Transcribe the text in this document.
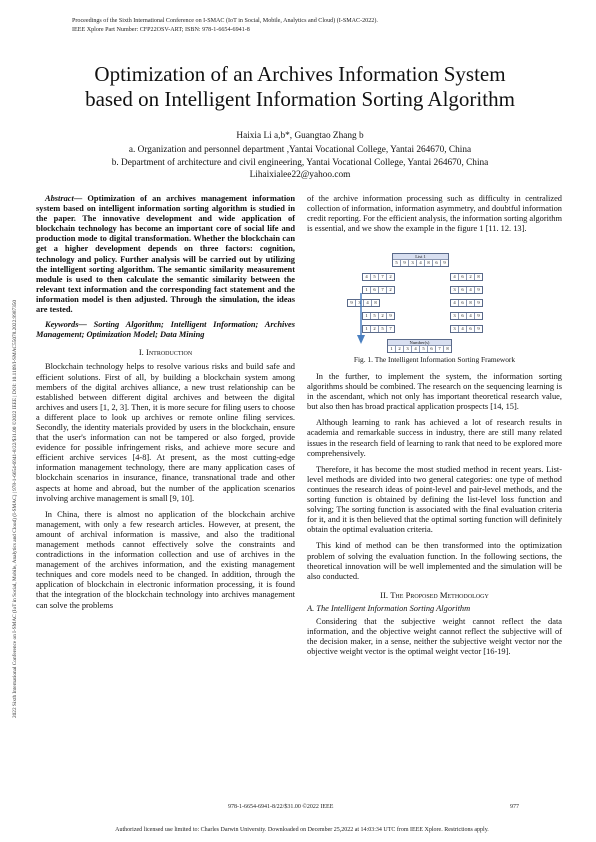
Proceedings of the Sixth International Conference on I-SMAC (IoT in Social, Mobile, Analytics and Cloud) (I-SMAC-2022).
IEEE Xplore Part Number: CFP22OSV-ART; ISBN: 978-1-6654-6941-8
2022 Sixth International Conference on I-SMAC (IoT in Social, Mobile, Analytics and Cloud) (I-SMAC) | 978-1-6654-6941-8/22/$31.00 ©2022 IEEE | DOI: 10.1109/I-SMAC55078.2022.9987350
Optimization of an Archives Information System
based on Intelligent Information Sorting Algorithm
Haixia Li a,b*, Guangtao Zhang b
a. Organization and personnel department ,Yantai Vocational College, Yantai 264670, China
b. Department of architecture and civil engineering, Yantai Vocational College, Yantai 264670, China
Lihaixialee22@yahoo.com

Abstract— Optimization of an archives management information system based on intelligent information sorting algorithm is studied in the paper. The innovative development and wide application of blockchain technology has become an important core of social life and production mode to digital transformation. Whether the blockchain can get a higher development depends on three factors: cognition, technology and policy. Further analysis will be carried out by utilizing the intelligent sorting algorithm. The semantic similarity measurement module is used to then calculate the semantic similarity between the relevant text information and the corresponding fact statement and the information model is then adjusted. Through the simulation, the ideas are tested.

Keywords— Sorting Algorithm; Intelligent Information; Archives Management; Optimization Model; Data Mining

I. Introduction

Blockchain technology helps to resolve various risks and build safe and efficient solutions. First of all, by building a blockchain system among members of the digital archives alliance, a new trust relationship can be established between different digital archives and between the digital archives and users [1, 2, 3]. Then, it is more secure for filing users to choose a different place to look up archives or remote online filing services. Secondly, the identity materials provided by users in the blockchain, ensure that the user's information can not be tampered or also forged, provide evidence for possible infringement risks, and achieve more secure and efficient archive services [4-8]. At present, as the most cutting-edge information management technology, there are many application cases of blockchain scenarios in insurance, finance, transnational trade and other aspects at home and abroad, but the number of the application scenarios involving archive management is small [9, 10].

In China, there is almost no application of the blockchain archive management, with only a few research articles. However, at present, the amount of archival information is massive, and also the traditional management methods cannot effectively solve the constraints and contradictions in the information collection and use of archives in the management of the archives information, and the existing management techniques and core models need to be changed. In addition, through the application of blockchain in electronic information processing, it is found that the integration of the blockchain technology into archives management can solve the problems

of the archive information processing such as difficulty in centralized collection of information, information asymmetry, and doubtful information credit reporting. For the efficient analysis, the information sorting algorithm is essential, and we show the example in the figure 1 [11. 12. 13].

List 1
5 9 3 4 8 6 9
4 5 7 2	4 6 2 8
1 6 7 2	3 6 4 9
9 3 4 8	4 6 8 9
1 5 2 9	3 6 4 9
1 2 5 7	3 4 6 9
Number(s)
1 2 3 4 5 6 7 8
Fig. 1. The Intelligent Information Sorting Framework

In the further, to implement the system, the information sorting algorithms should be combined. The research on the sequencing learning is in the ascendant, which not only has important theoretical research value, but also then has broad practical application prospects [14, 15].

Although learning to rank has achieved a lot of research results in academia and remarkable success in industry, there are still many related issues in the research field of learning to rank that need to be explored more comprehensively.

Therefore, it has become the most studied method in recent years. List-level methods are divided into two general categories: one type of method continues the research ideas of point-level and pair-level methods, and the sorting function is obtained by defining the list-level loss function and solving; The sorting function is associated with the final evaluation criteria for it, and it is then believed that the optimal sorting function will definitely obtain the optimal evaluation criteria.

This kind of method can be then transformed into the optimization problem of solving the evaluation function. In the following sections, the theoretical innovation will be well implemented and the simulation will be also conducted.

II. The Proposed Methodology

A. The Intelligent Information Sorting Algorithm

Considering that the subjective weight cannot reflect the data information, and the objective weight cannot reflect the subjective will of the decision maker, in a sense, neither the subjective weight vector nor the objective weight vector is the optimal weight vector [16-19].

978-1-6654-6941-8/22/$31.00 ©2022 IEEE	977
Authorized licensed use limited to: Charles Darwin University. Downloaded on December 25,2022 at 14:03:34 UTC from IEEE Xplore. Restrictions apply.
